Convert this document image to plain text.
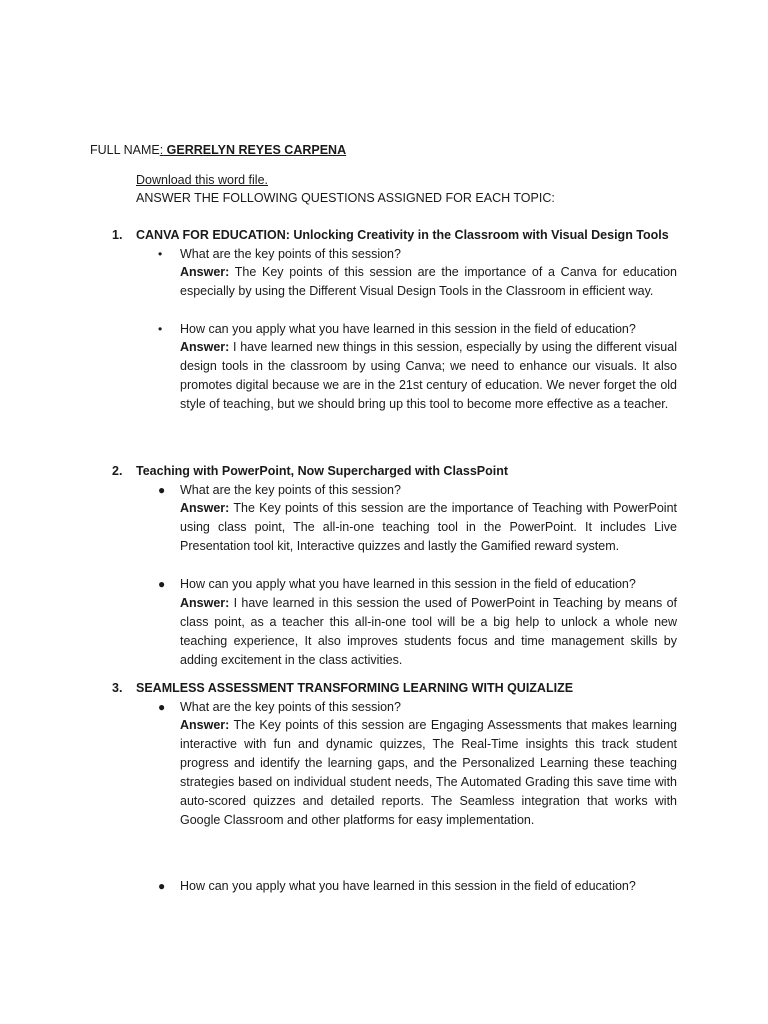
FULL NAME: GERRELYN REYES CARPENA
Download this word file.
ANSWER THE FOLLOWING QUESTIONS ASSIGNED FOR EACH TOPIC:
1. CANVA FOR EDUCATION: Unlocking Creativity in the Classroom with Visual Design Tools
• What are the key points of this session?
Answer: The Key points of this session are the importance of a Canva for education especially by using the Different Visual Design Tools in the Classroom in efficient way.
• How can you apply what you have learned in this session in the field of education?
Answer: I have learned new things in this session, especially by using the different visual design tools in the classroom by using Canva; we need to enhance our visuals. It also promotes digital because we are in the 21st century of education. We never forget the old style of teaching, but we should bring up this tool to become more effective as a teacher.
2. Teaching with PowerPoint, Now Supercharged with ClassPoint
● What are the key points of this session?
Answer: The Key points of this session are the importance of Teaching with PowerPoint using class point, The all-in-one teaching tool in the PowerPoint. It includes Live Presentation tool kit, Interactive quizzes and lastly the Gamified reward system.
● How can you apply what you have learned in this session in the field of education?
Answer: I have learned in this session the used of PowerPoint in Teaching by means of class point, as a teacher this all-in-one tool will be a big help to unlock a whole new teaching experience, It also improves students focus and time management skills by adding excitement in the class activities.
3. SEAMLESS ASSESSMENT TRANSFORMING LEARNING WITH QUIZALIZE
● What are the key points of this session?
Answer: The Key points of this session are Engaging Assessments that makes learning interactive with fun and dynamic quizzes, The Real-Time insights this track student progress and identify the learning gaps, and the Personalized Learning these teaching strategies based on individual student needs, The Automated Grading this save time with auto-scored quizzes and detailed reports. The Seamless integration that works with Google Classroom and other platforms for easy implementation.
● How can you apply what you have learned in this session in the field of education?
